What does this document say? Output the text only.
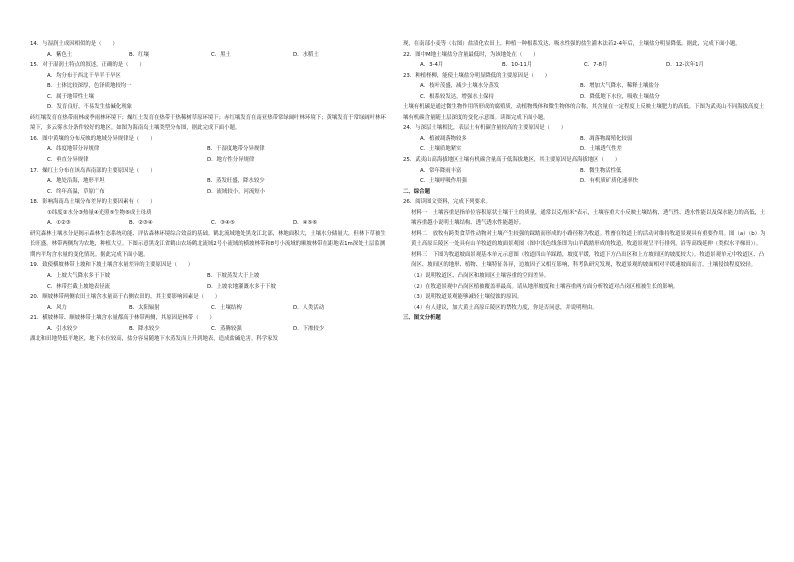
14．与湿润土成因相似的是（　　）
A．紫色土	B．红壤	C．黑土	D．水稻土
15．对于湿润土特点的叙述，正确的是（　　）
A．均分布于西北干旱半干旱区
B．土体比较深厚，色泽质地较均一
C．属于地带性土壤
D．发育良好，不易发生盐碱化现象
砖红壤发育在热带雨林或季雨林环境下；燥红土发育在热带干热稀树草原环境下；赤红壤发育在南亚热带常绿阔叶林环境下；黄壤发育于常绿阔叶林环境下，多云雾水分条件较好的地区。如图为海南岛土壤类型分布图，据此完成下面小题。
16．图中黄壤的分布反映的地域分异规律是（　　）
A．纬度地带分异规律	B．干湿度地带分异规律
C．垂直分异规律	D．地方性分异规律
17．燥红土分布在该岛西南部的主要原因是（　　）
A．地处沿海，地形平坦	B．蒸发旺盛，降水较少
C．终年高温，草原广布	D．流域较小，河流短小
18．影响海南岛土壤分布差异的主要因素有（　　）
①纬度②水分③热量④光照⑤生物⑥成土母质
A．①②③	B．②③④	C．③④⑤	D．④⑤⑥
研究森林土壤水分是揭示森林生态系统功能、评估森林环境综合效益的基础。鹤北流域地处黑龙江北部，林地面积大，土壤水分储量大，但林下草被生长旺盛，林带两侧均为农地，种植大豆。下图示意黑龙江省鹤山农场鹤北流域2号小流域的横坡林带和8号小流域的顺坡林带在距地表1m深处土层监测期内平均含水量的变化情况。据此完成下面小题。
19．致使横坡林带上坡和下坡土壤含水量差异的主要原因是（　　）
A．上坡大气降水多于下坡	B．下坡蒸发大于上坡
C．林带拦截上坡地表径流	D．上坡农地灌溉水多于下坡
20．顺坡林带两侧农田土壤含水量高于右侧农田的，其主要影响因素是（　　）
A．风力	B．太阳辐射	C．土壤结构	D．人类活动
21．横坡林带、顺坡林带土壤含水量都高于林带两侧，其原因是林带（　　）
A．引水较少	B．降水较少	C．蒸腾较强	D．下渗较少
湖北和田地势低平地区，地下水位较高，盐分容易随地下水蒸发而上升到地表，造成盐碱危害。科学家发
现，在南部小麦等（右图）盐渍化农田上，种植一种根系发达、吸水性强的盐生灌木法若2-4年后，土壤盐分明显降低。据此，完成下面小题。
22．图中M地土壤盐分含量最低时，为该地处在（　　）
A．3-4月	B．10-11月	C．7-8月	D．12-次年1月
23．种植柽柳，能使土壤盐分明显降低的主要原因是（　　）
A．枝叶茂盛，减少土壤水分蒸发	B．增加大气降水，稀释土壤盐分
C．根系较发达，增强水土保持	D．降低地下水位，吸收土壤盐分
土壤有机碳是通过微生物作用所形成的腐殖质，动植物残体和微生物体的合称，其含量在一定程度上反映土壤肥力的高低。下图为武夷山不同海拔高度土壤有机碳含量随土层深度的变化示意图。读图完成下面小题。
24．与深层土壤相比，表层土有机碳含量较高的主要原因是（　　）
A．植被凋落物较多	B．凋落物腐殖化较弱
C．土壤质地紧实	D．土壤透气性差
25．武夷山高海拔地区土壤有机碳含量高于低海拔地区，其主要原因是高海拔地区（　　）
A．常年降雨丰富	B．微生物活性低
C．土壤呼吸作用强	D．有机质矿质化速率快
二、综合题
26．阅读图文资料，完成下列要求。
材料一　土壤容重是指单位容积原状土壤干土的质量，通常以克/厘米³表示，土壤容重大小反映土壤结构、透气性、透水性能以及保水能力的高低，土壤容重越小说明土壤结构、透气透水性能越好。
材料二　放牧有跨类食草性动物对土壤产生较强的踩踏而形成的小路径称为牧道。牲畜在牧道上的活动对维持牧道景观具有重要作用。图（a）（b）为黄土高原丘陵区一处具有山羊牧道的坡面景观图（图中浅色线条即为山羊践踏形成的牧道，牧道景观呈平行排列，沿等高线延伸（类似水平梯田））。
材料三　下图为牧道坡面景观基本单元示意图（牧道四山羊踩踏，坡度平缓，牧道下方凸出区和上方坡间区的坡度较大）。牧道景观单元中牧道区、凸岗区、坡间区的地形、植物、土壤特征各异，边坡因子又相互影响，科考队研究发现，牧道景观的坡面相对平缓速坡面而言，土壤侵蚀程度较轻。
（1）说明牧道区、凸岗区和坡间区土壤容重的空间差异。
（2）在牧道景观中凸岗区植被覆盖率最高。请从地形坡度和土壤容重两方面分析牧道对凸岗区植被生长的影响。
（3）说明牧道景观能够减轻土壤侵蚀的原因。
（4）有人建议，加大黄土高原丘陵区的禁牧力度，你是否同意，并说明理由。
三、图文分析题
